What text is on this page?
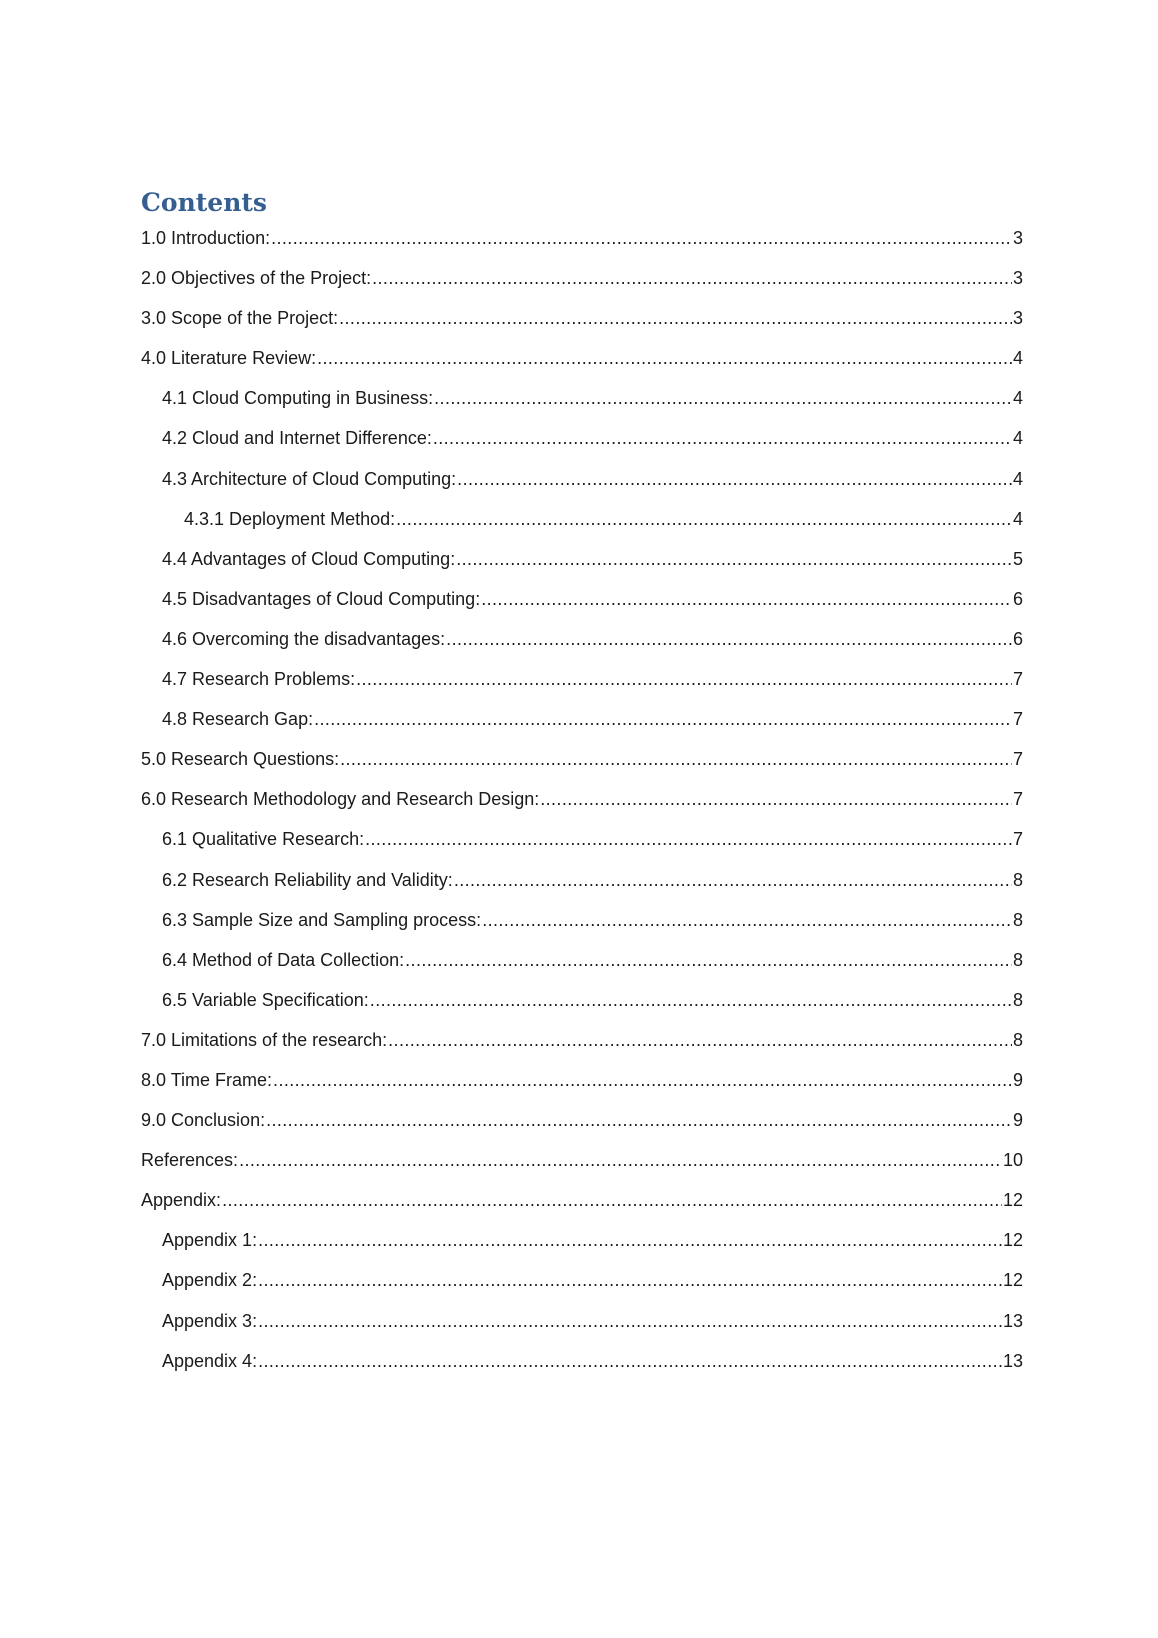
Contents
1.0 Introduction: .....	3
2.0 Objectives of the Project: .....	3
3.0 Scope of the Project: .....	3
4.0 Literature Review: .....	4
4.1 Cloud Computing in Business: .....	4
4.2 Cloud and Internet Difference: .....	4
4.3 Architecture of Cloud Computing: .....	4
4.3.1 Deployment Method: .....	4
4.4 Advantages of Cloud Computing: .....	5
4.5 Disadvantages of Cloud Computing: .....	6
4.6 Overcoming the disadvantages: .....	6
4.7 Research Problems: .....	7
4.8 Research Gap: .....	7
5.0 Research Questions: .....	7
6.0 Research Methodology and Research Design: .....	7
6.1 Qualitative Research: .....	7
6.2 Research Reliability and Validity: .....	8
6.3 Sample Size and Sampling process: .....	8
6.4 Method of Data Collection: .....	8
6.5 Variable Specification: .....	8
7.0 Limitations of the research: .....	8
8.0 Time Frame: .....	9
9.0 Conclusion: .....	9
References: .....	10
Appendix: .....	12
Appendix 1: .....	12
Appendix 2: .....	12
Appendix 3: .....	13
Appendix 4: .....	13
